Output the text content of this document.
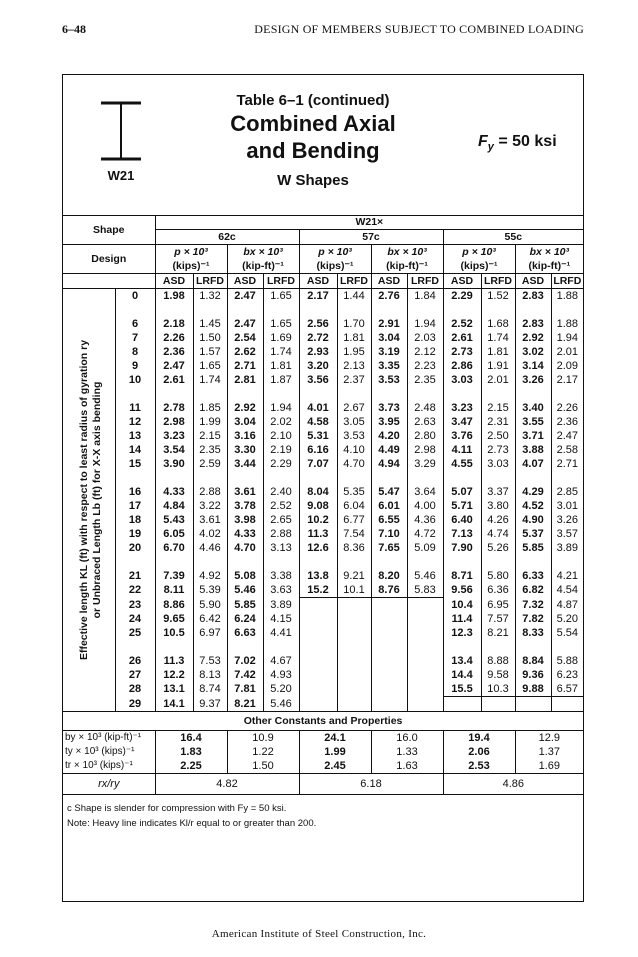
6–48	DESIGN OF MEMBERS SUBJECT TO COMBINED LOADING
W21
Table 6–1 (continued)
Combined Axial
and Bending
W Shapes
$F_y = 50$ ksi
Shape		W21×											
		62c				57c				55c			
Design		p × 10³		bx × 10³		p × 10³		bx × 10³		p × 10³		bx × 10³	
		(kips)⁻¹		(kip-ft)⁻¹		(kips)⁻¹		(kip-ft)⁻¹		(kips)⁻¹		(kip-ft)⁻¹	
		ASD	LRFD	ASD	LRFD	ASD	LRFD	ASD	LRFD	ASD	LRFD	ASD	LRFD

Effective length KL (ft) with respect to least radius of gyration ry
or Unbraced Length Lb (ft) for X-X axis bending	0	1.98	1.32	2.47	1.65	2.17	1.44	2.76	1.84	2.29	1.52	2.83	1.88

	6	2.18	1.45	2.47	1.65	2.56	1.70	2.91	1.94	2.52	1.68	2.83	1.88
	7	2.26	1.50	2.54	1.69	2.72	1.81	3.04	2.03	2.61	1.74	2.92	1.94
	8	2.36	1.57	2.62	1.74	2.93	1.95	3.19	2.12	2.73	1.81	3.02	2.01
	9	2.47	1.65	2.71	1.81	3.20	2.13	3.35	2.23	2.86	1.91	3.14	2.09
	10	2.61	1.74	2.81	1.87	3.56	2.37	3.53	2.35	3.03	2.01	3.26	2.17

	11	2.78	1.85	2.92	1.94	4.01	2.67	3.73	2.48	3.23	2.15	3.40	2.26
	12	2.98	1.99	3.04	2.02	4.58	3.05	3.95	2.63	3.47	2.31	3.55	2.36
	13	3.23	2.15	3.16	2.10	5.31	3.53	4.20	2.80	3.76	2.50	3.71	2.47
	14	3.54	2.35	3.30	2.19	6.16	4.10	4.49	2.98	4.11	2.73	3.88	2.58
	15	3.90	2.59	3.44	2.29	7.07	4.70	4.94	3.29	4.55	3.03	4.07	2.71

	16	4.33	2.88	3.61	2.40	8.04	5.35	5.47	3.64	5.07	3.37	4.29	2.85
	17	4.84	3.22	3.78	2.52	9.08	6.04	6.01	4.00	5.71	3.80	4.52	3.01
	18	5.43	3.61	3.98	2.65	10.2	6.77	6.55	4.36	6.40	4.26	4.90	3.26
	19	6.05	4.02	4.33	2.88	11.3	7.54	7.10	4.72	7.13	4.74	5.37	3.57
	20	6.70	4.46	4.70	3.13	12.6	8.36	7.65	5.09	7.90	5.26	5.85	3.89

	21	7.39	4.92	5.08	3.38	13.8	9.21	8.20	5.46	8.71	5.80	6.33	4.21
	22	8.11	5.39	5.46	3.63	15.2	10.1	8.76	5.83	9.56	6.36	6.82	4.54
	23	8.86	5.90	5.85	3.89					10.4	6.95	7.32	4.87
	24	9.65	6.42	6.24	4.15					11.4	7.57	7.82	5.20
	25	10.5	6.97	6.63	4.41					12.3	8.21	8.33	5.54

	26	11.3	7.53	7.02	4.67					13.4	8.88	8.84	5.88
	27	12.2	8.13	7.42	4.93					14.4	9.58	9.36	6.23
	28	13.1	8.74	7.81	5.20					15.5	10.3	9.88	6.57
	29	14.1	9.37	8.21	5.46								
Other Constants and Properties													
by × 10³ (kip-ft)⁻¹		16.4		10.9		24.1		16.0		19.4		12.9	
ty × 10³ (kips)⁻¹		1.83		1.22		1.99		1.33		2.06		1.37	
tr × 10³ (kips)⁻¹		2.25		1.50		2.45		1.63		2.53		1.69	
rx/ry		4.82				6.18				4.86			

c Shape is slender for compression with Fy = 50 ksi.
Note: Heavy line indicates Kl/r equal to or greater than 200.													
American Institute of Steel Construction, Inc.
